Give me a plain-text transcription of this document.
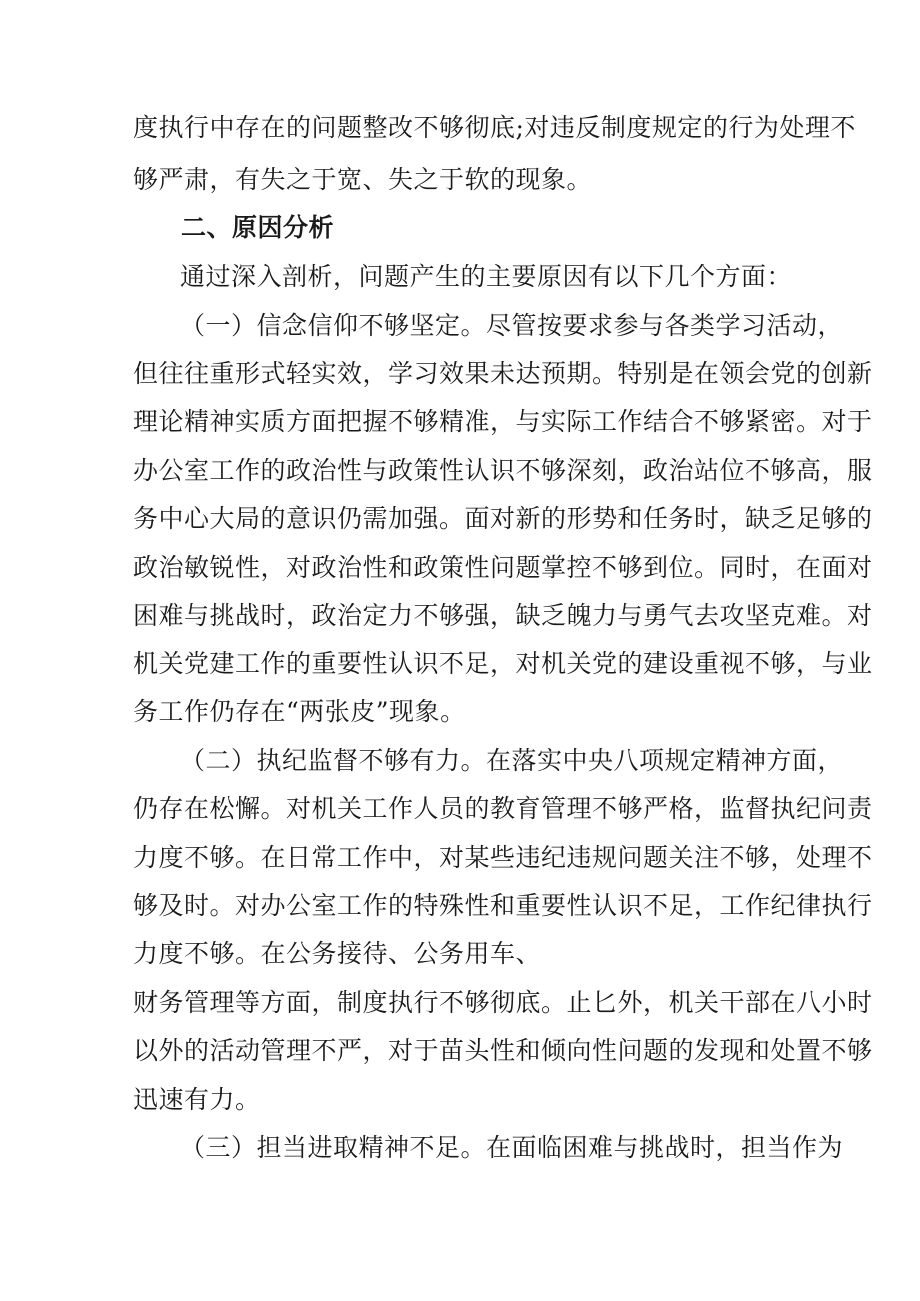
度执行中存在的问题整改不够彻底;对违反制度规定的行为处理不
够严肃，有失之于宽、失之于软的现象。
二、原因分析
通过深入剖析，问题产生的主要原因有以下几个方面：
（一）信念信仰不够坚定。尽管按要求参与各类学习活动，
但往往重形式轻实效，学习效果未达预期。特别是在领会党的创新
理论精神实质方面把握不够精准，与实际工作结合不够紧密。对于
办公室工作的政治性与政策性认识不够深刻，政治站位不够高，服
务中心大局的意识仍需加强。面对新的形势和任务时，缺乏足够的
政治敏锐性，对政治性和政策性问题掌控不够到位。同时，在面对
困难与挑战时，政治定力不够强，缺乏魄力与勇气去攻坚克难。对
机关党建工作的重要性认识不足，对机关党的建设重视不够，与业
务工作仍存在“两张皮”现象。
（二）执纪监督不够有力。在落实中央八项规定精神方面，
仍存在松懈。对机关工作人员的教育管理不够严格，监督执纪问责
力度不够。在日常工作中，对某些违纪违规问题关注不够，处理不
够及时。对办公室工作的特殊性和重要性认识不足，工作纪律执行
力度不够。在公务接待、公务用车、
财务管理等方面，制度执行不够彻底。止匕外，机关干部在八小时
以外的活动管理不严，对于苗头性和倾向性问题的发现和处置不够
迅速有力。
（三）担当进取精神不足。在面临困难与挑战时，担当作为
